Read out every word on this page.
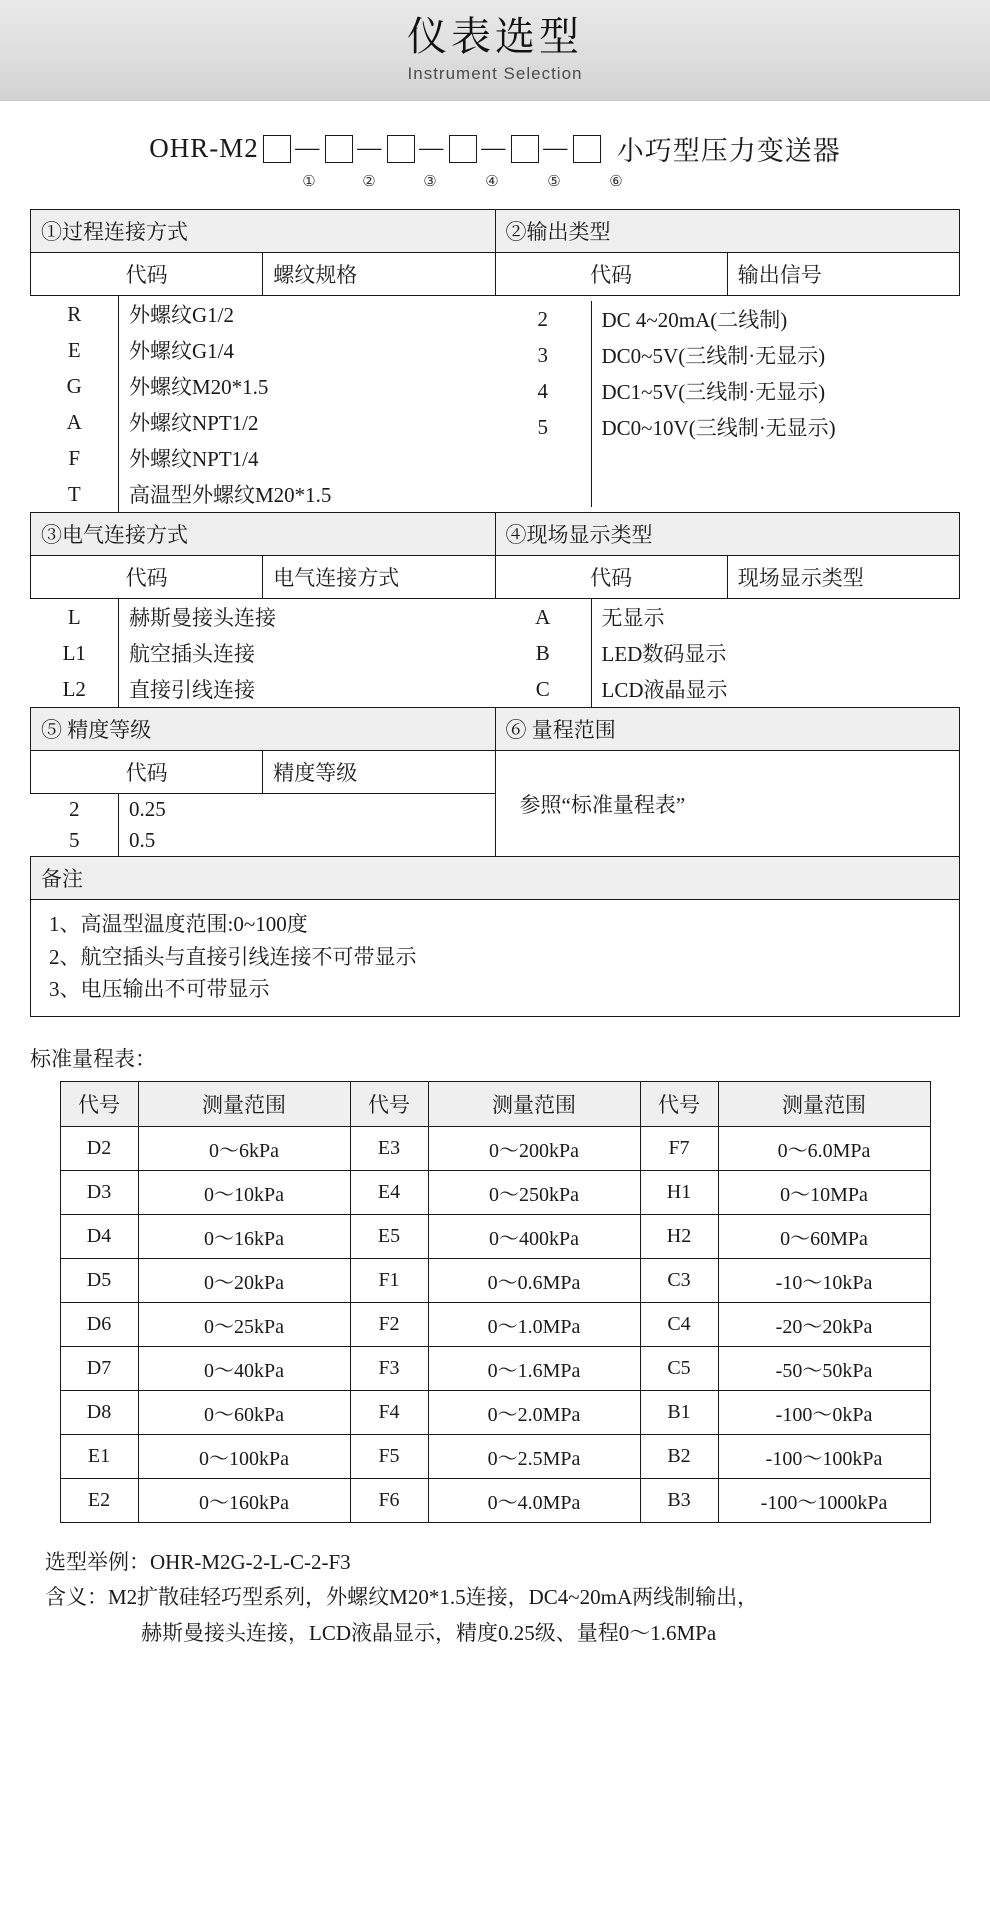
仪表选型
Instrument Selection
OHR-M2 — — — — — 小巧型压力变送器
①	②	③	④	⑤	⑥
①过程连接方式	②输出类型
代码	螺纹规格	代码	输出信号

R	外螺纹G1/2
E	外螺纹G1/4
G	外螺纹M20*1.5
A	外螺纹NPT1/2
F	外螺纹NPT1/4
T	高温型外螺纹M20*1.5

2	DC 4~20mA(二线制)
3	DC0~5V(三线制·无显示)
4	DC1~5V(三线制·无显示)
5	DC0~10V(三线制·无显示)

③电气连接方式	④现场显示类型
代码	电气连接方式	代码	现场显示类型

L	赫斯曼接头连接
L1	航空插头连接
L2	直接引线连接

A	无显示
B	LED数码显示
C	LCD液晶显示

⑤ 精度等级	⑥ 量程范围
代码	精度等级	参照“标准量程表”

2	0.25
5	0.5

备注

1、高温型温度范围:0~100度
2、航空插头与直接引线连接不可带显示
3、电压输出不可带显示
标准量程表：
代号	测量范围	代号	测量范围	代号	测量范围
D2	0～6kPa	E3	0～200kPa	F7	0～6.0MPa
D3	0～10kPa	E4	0～250kPa	H1	0～10MPa
D4	0～16kPa	E5	0～400kPa	H2	0～60MPa
D5	0～20kPa	F1	0～0.6MPa	C3	-10～10kPa
D6	0～25kPa	F2	0～1.0MPa	C4	-20～20kPa
D7	0～40kPa	F3	0～1.6MPa	C5	-50～50kPa
D8	0～60kPa	F4	0～2.0MPa	B1	-100～0kPa
E1	0～100kPa	F5	0～2.5MPa	B2	-100～100kPa
E2	0～160kPa	F6	0～4.0MPa	B3	-100～1000kPa
选型举例： OHR-M2G-2-L-C-2-F3
含义： M2扩散硅轻巧型系列，外螺纹M20*1.5连接，DC4~20mA两线制输出，
赫斯曼接头连接，LCD液晶显示，精度0.25级、量程0～1.6MPa
